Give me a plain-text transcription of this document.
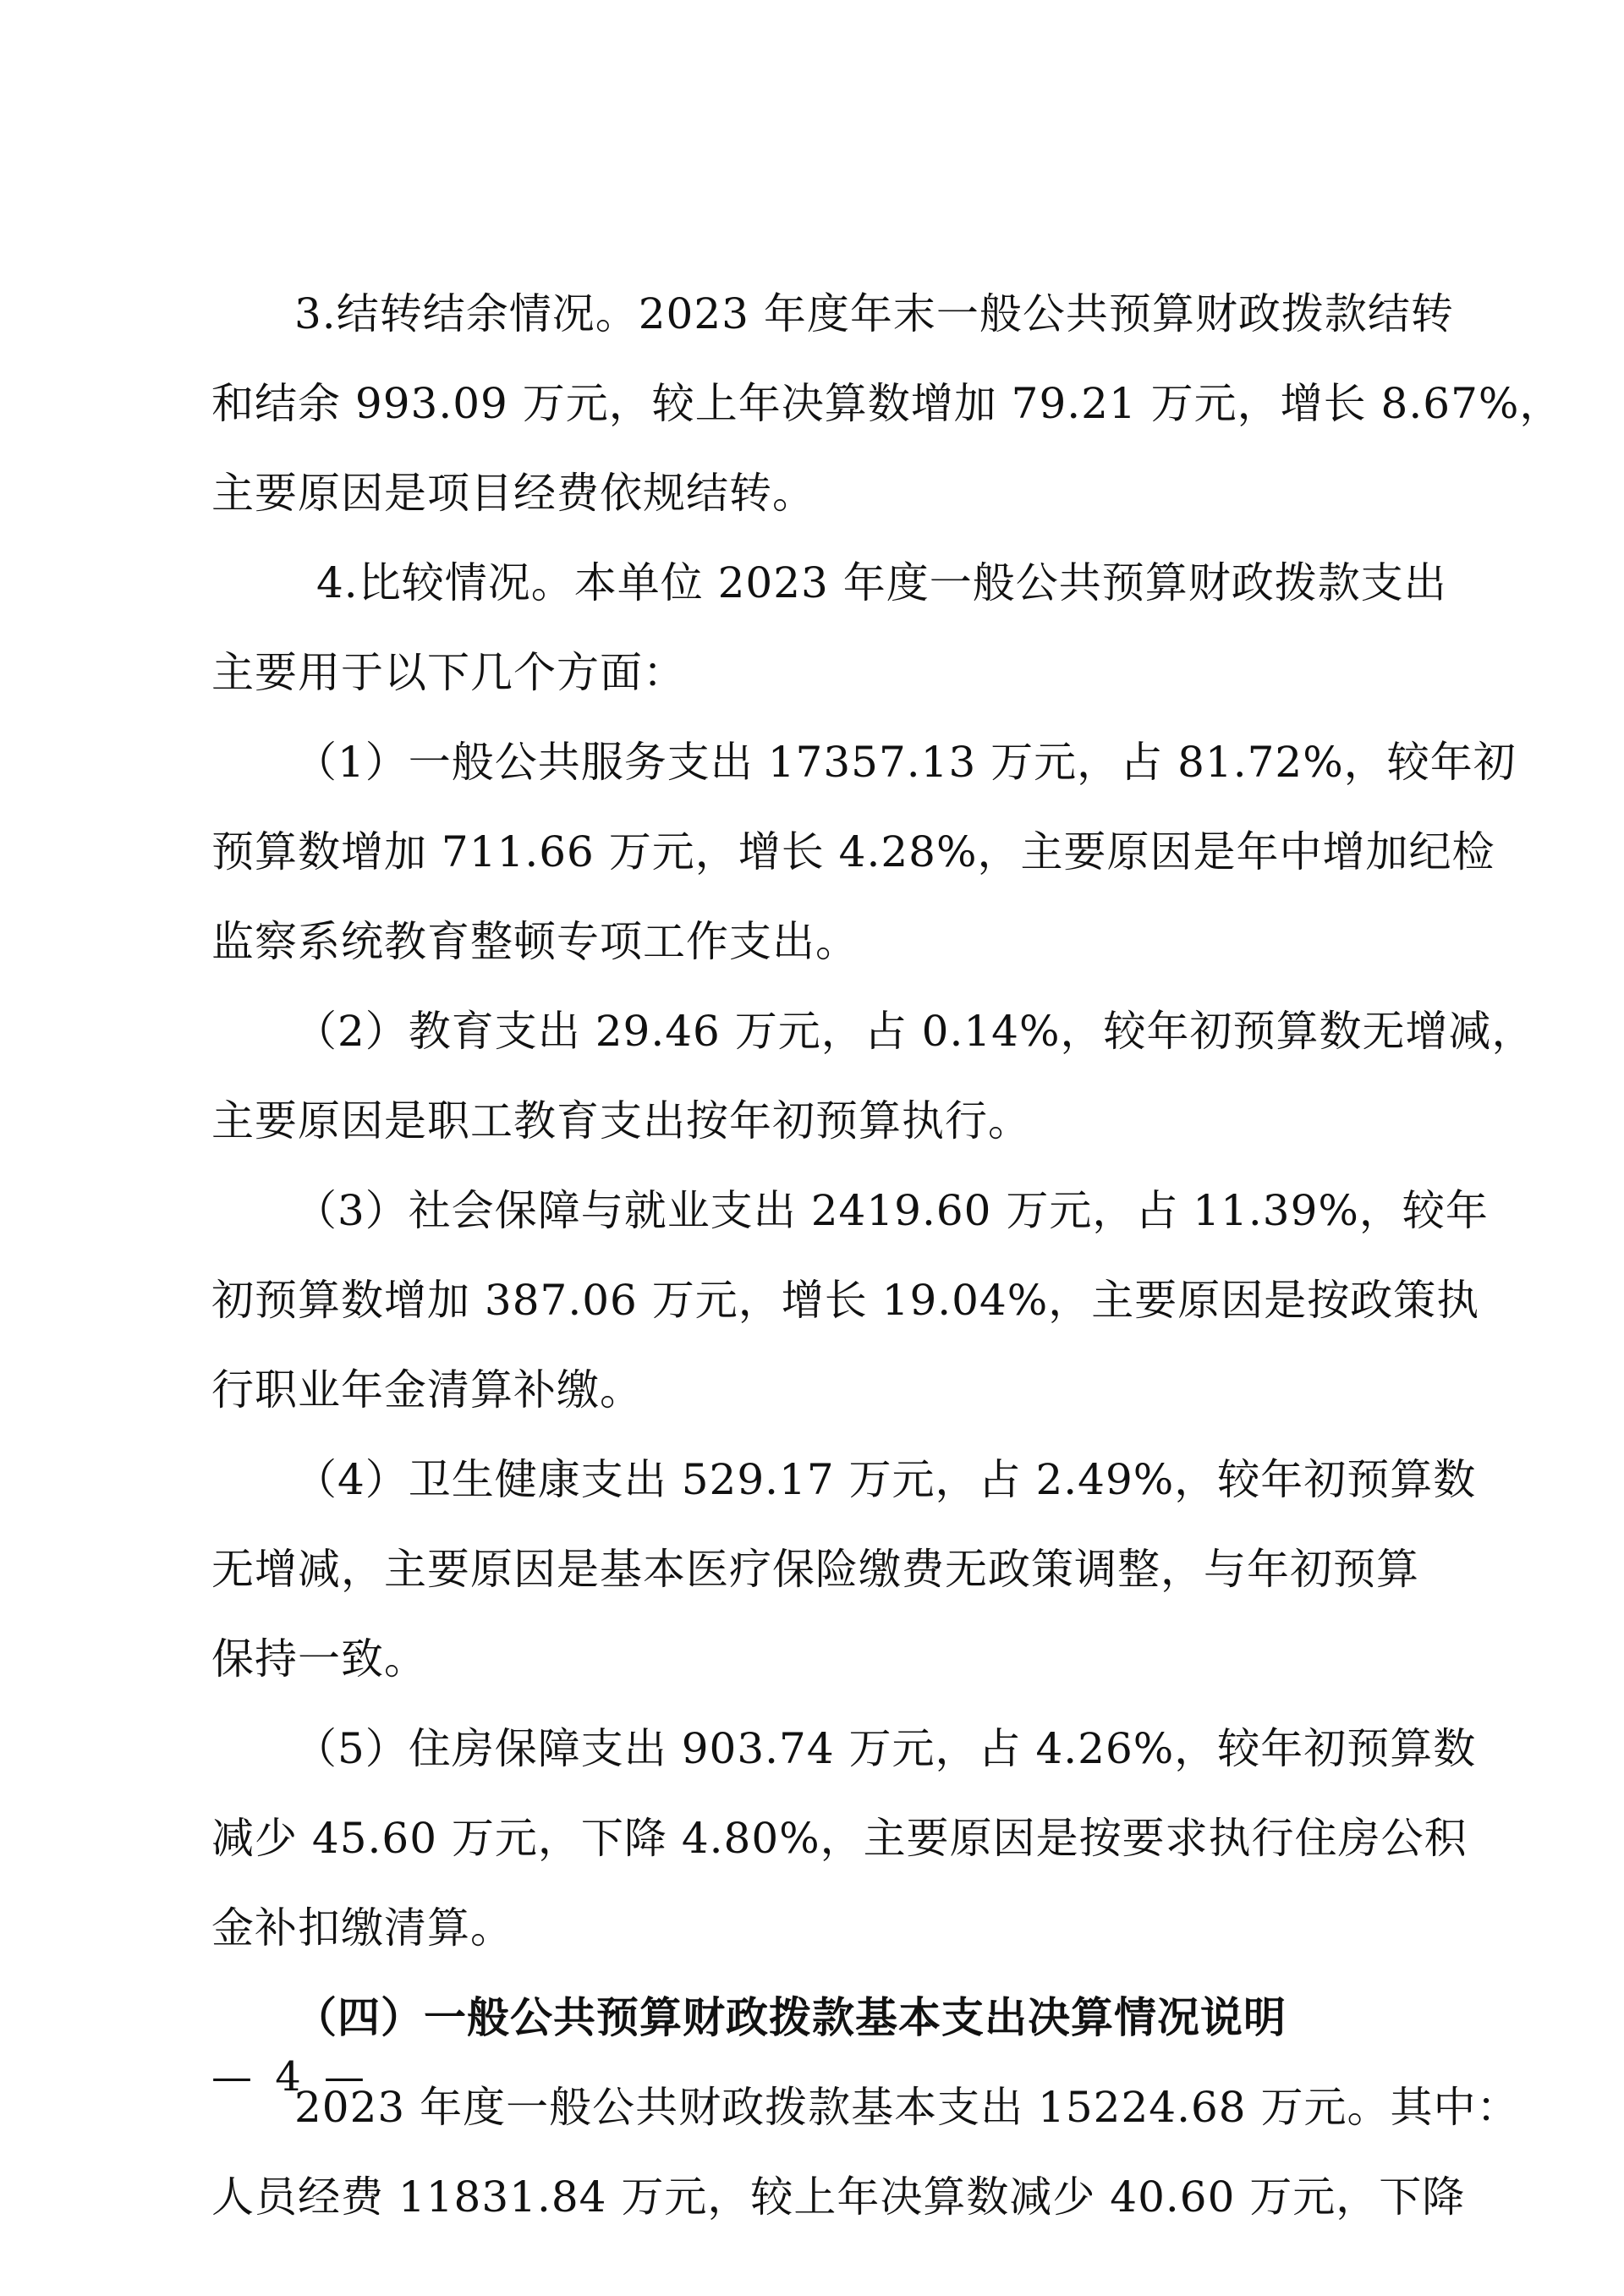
3.结转结余情况。2023 年度年末一般公共预算财政拨款结转
和结余 993.09 万元，较上年决算数增加 79.21 万元，增长 8.67%，
主要原因是项目经费依规结转。
4.比较情况。本单位 2023 年度一般公共预算财政拨款支出
主要用于以下几个方面：
（1）一般公共服务支出 17357.13 万元，占 81.72%，较年初
预算数增加 711.66 万元，增长 4.28%，主要原因是年中增加纪检
监察系统教育整顿专项工作支出。
（2）教育支出 29.46 万元，占 0.14%，较年初预算数无增减，
主要原因是职工教育支出按年初预算执行。
（3）社会保障与就业支出 2419.60 万元，占 11.39%，较年
初预算数增加 387.06 万元，增长 19.04%，主要原因是按政策执
行职业年金清算补缴。
（4）卫生健康支出 529.17 万元，占 2.49%，较年初预算数
无增减，主要原因是基本医疗保险缴费无政策调整，与年初预算
保持一致。
（5）住房保障支出 903.74 万元，占 4.26%，较年初预算数
减少 45.60 万元，下降 4.80%，主要原因是按要求执行住房公积
金补扣缴清算。
（四）一般公共预算财政拨款基本支出决算情况说明
2023 年度一般公共财政拨款基本支出 15224.68 万元。其中：
人员经费 11831.84 万元，较上年决算数减少 40.60 万元，下降
— 4 —
